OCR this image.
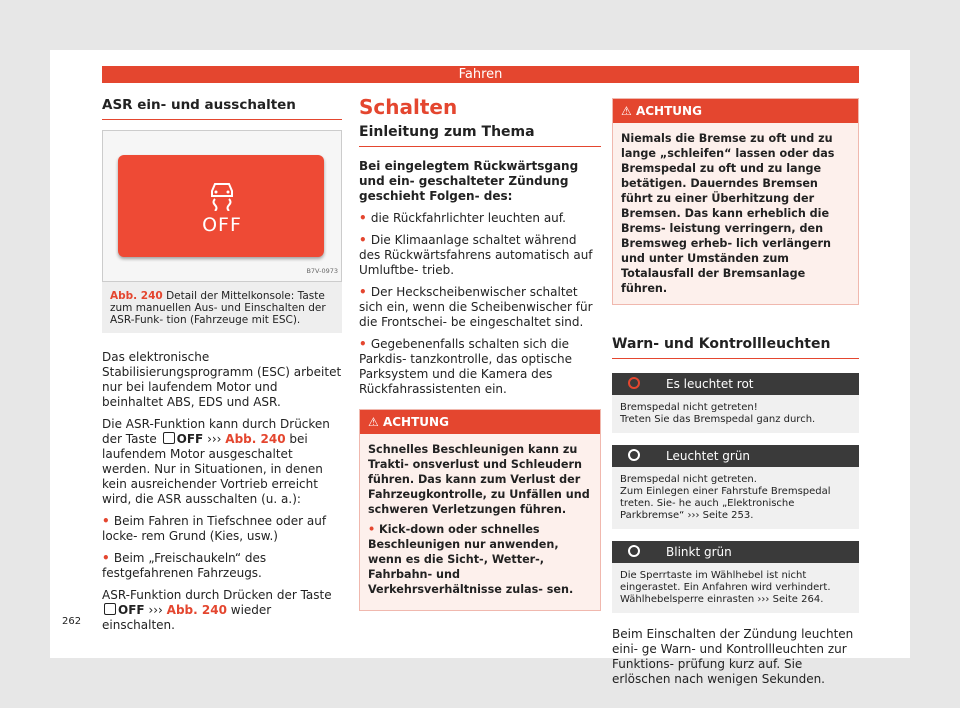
Fahren
ASR ein- und ausschalten
OFF
B7V-0973
Abb. 240 Detail der Mittelkonsole: Taste zum manuellen Aus- und Einschalten der ASR-Funk- tion (Fahrzeuge mit ESC).

Das elektronische Stabilisierungsprogramm (ESC) arbeitet nur bei laufendem Motor und beinhaltet ABS, EDS und ASR.

Die ASR-Funktion kann durch Drücken der Taste OFF ››› Abb. 240 bei laufendem Motor ausgeschaltet werden. Nur in Situationen, in denen kein ausreichender Vortrieb erreicht wird, die ASR ausschalten (u. a.):

• Beim Fahren in Tiefschnee oder auf locke- rem Grund (Kies, usw.)

• Beim „Freischaukeln“ des festgefahrenen Fahrzeugs.

ASR-Funktion durch Drücken der Taste OFF ››› Abb. 240 wieder einschalten.

Schalten
Einleitung zum Thema

Bei eingelegtem Rückwärtsgang und ein- geschalteter Zündung geschieht Folgen- des:

• die Rückfahrlichter leuchten auf.

• Die Klimaanlage schaltet während des Rückwärtsfahrens automatisch auf Umluftbe- trieb.

• Der Heckscheibenwischer schaltet sich ein, wenn die Scheibenwischer für die Frontschei- be eingeschaltet sind.

• Gegebenenfalls schalten sich die Parkdis- tanzkontrolle, das optische Parksystem und die Kamera des Rückfahrassistenten ein.

⚠ ACHTUNG

Schnelles Beschleunigen kann zu Trakti- onsverlust und Schleudern führen. Das kann zum Verlust der Fahrzeugkontrolle, zu Unfällen und schweren Verletzungen führen.

• Kick-down oder schnelles Beschleunigen nur anwenden, wenn es die Sicht-, Wetter-, Fahrbahn- und Verkehrsverhältnisse zulas- sen.

⚠ ACHTUNG

Niemals die Bremse zu oft und zu lange „schleifen“ lassen oder das Bremspedal zu oft und zu lange betätigen. Dauerndes Bremsen führt zu einer Überhitzung der Bremsen. Das kann erheblich die Brems- leistung verringern, den Bremsweg erheb- lich verlängern und unter Umständen zum Totalausfall der Bremsanlage führen.

Warn- und Kontrollleuchten
Es leuchtet rot
Bremspedal nicht getreten!
Treten Sie das Bremspedal ganz durch.
Leuchtet grün
Bremspedal nicht getreten.
Zum Einlegen einer Fahrstufe Bremspedal treten. Sie- he auch „Elektronische Parkbremse“ ››› Seite 253.
Blinkt grün
Die Sperrtaste im Wählhebel ist nicht eingerastet. Ein Anfahren wird verhindert.
Wählhebelsperre einrasten ››› Seite 264.

Beim Einschalten der Zündung leuchten eini- ge Warn- und Kontrollleuchten zur Funktions- prüfung kurz auf. Sie erlöschen nach wenigen Sekunden.

262
